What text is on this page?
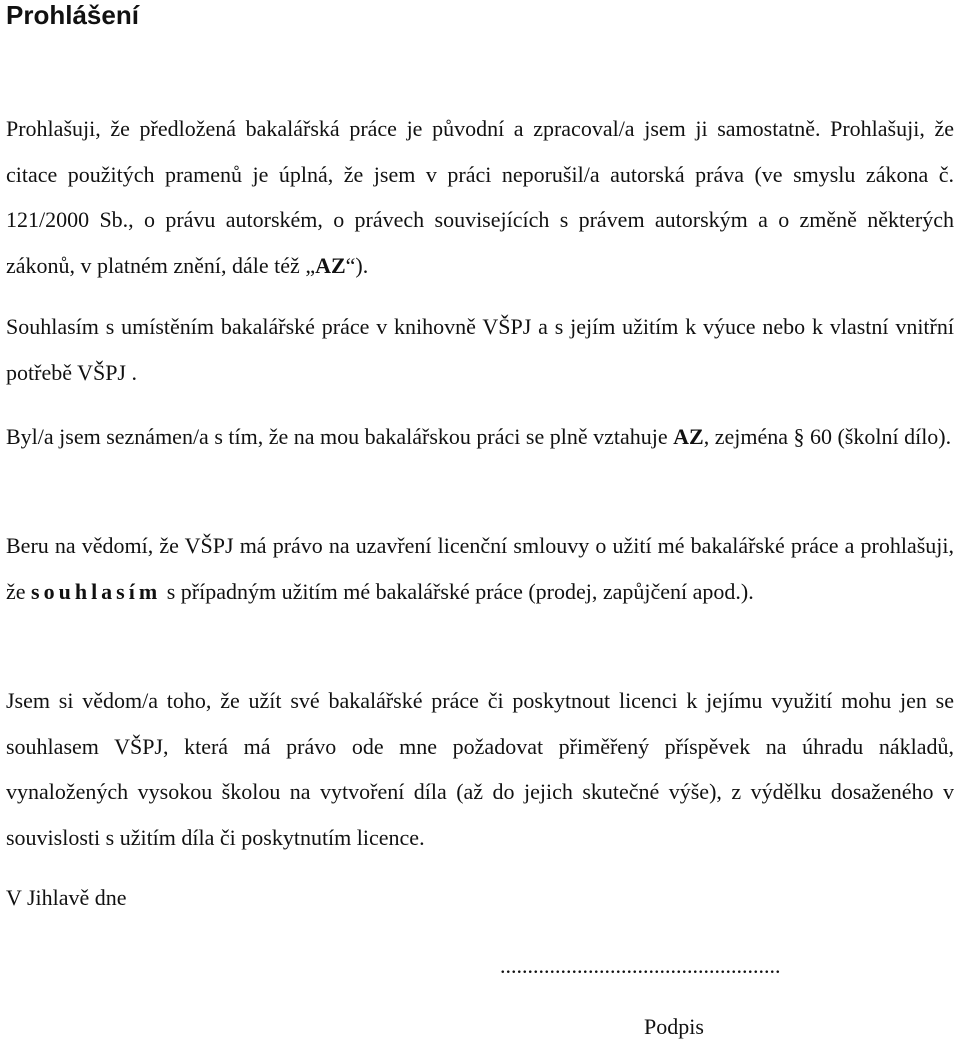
Prohlášení
Prohlašuji, že předložená bakalářská práce je původní a zpracoval/a jsem ji samostatně. Prohlašuji, že citace použitých pramenů je úplná, že jsem v práci neporušil/a autorská práva (ve smyslu zákona č. 121/2000 Sb., o právu autorském, o právech souvisejících s právem autorským a o změně některých zákonů, v platném znění, dále též „AZ“).
Souhlasím s umístěním bakalářské práce v knihovně VŠPJ a s jejím užitím k výuce nebo k vlastní vnitřní potřebě VŠPJ .
Byl/a jsem seznámen/a s tím, že na mou bakalářskou práci se plně vztahuje AZ, zejména § 60 (školní dílo).
Beru na vědomí, že VŠPJ má právo na uzavření licenční smlouvy o užití mé bakalářské práce a prohlašuji, že souhlasím s případným užitím mé bakalářské práce (prodej, zapůjčení apod.).
Jsem si vědom/a toho, že užít své bakalářské práce či poskytnout licenci k jejímu využití mohu jen se souhlasem VŠPJ, která má právo ode mne požadovat přiměřený příspěvek na úhradu nákladů, vynaložených vysokou školou na vytvoření díla (až do jejich skutečné výše), z výdělku dosaženého v souvislosti s užitím díla či poskytnutím licence.
V Jihlavě dne
...................................................
Podpis
